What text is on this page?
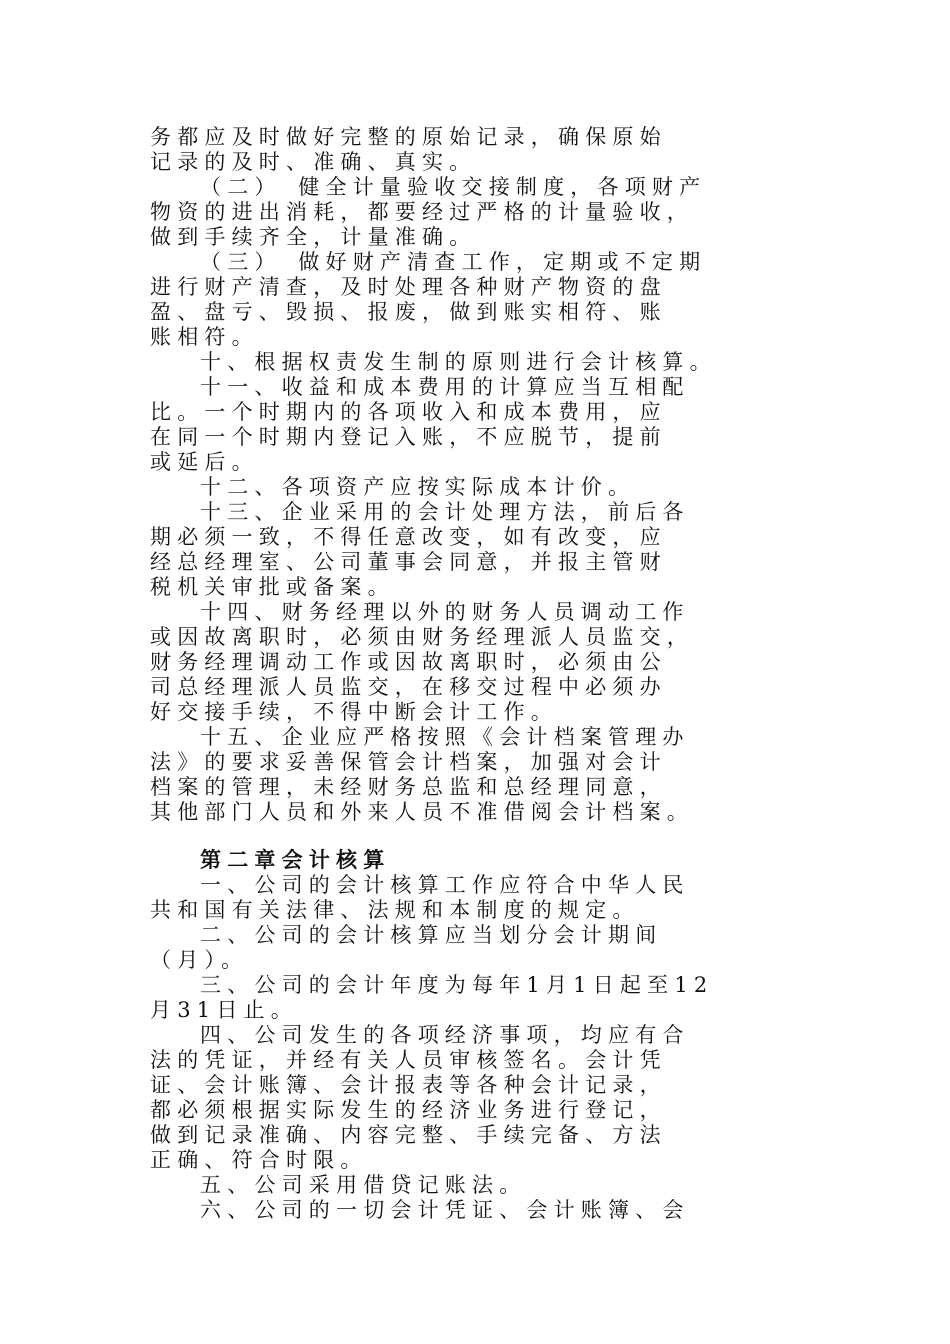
务都应及时做好完整的原始记录，确保原始
记录的及时、准确、真实。
（二）　健全计量验收交接制度，各项财产
物资的进出消耗，都要经过严格的计量验收，
做到手续齐全，计量准确。
（三）　做好财产清查工作，定期或不定期
进行财产清查，及时处理各种财产物资的盘
盈、盘亏、毁损、报废，做到账实相符、账
账相符。
十、根据权责发生制的原则进行会计核算。
十一、收益和成本费用的计算应当互相配
比。一个时期内的各项收入和成本费用，应
在同一个时期内登记入账，不应脱节，提前
或延后。
十二、各项资产应按实际成本计价。
十三、企业采用的会计处理方法，前后各
期必须一致，不得任意改变，如有改变，应
经总经理室、公司董事会同意，并报主管财
税机关审批或备案。
十四、财务经理以外的财务人员调动工作
或因故离职时，必须由财务经理派人员监交，
财务经理调动工作或因故离职时，必须由公
司总经理派人员监交，在移交过程中必须办
好交接手续，不得中断会计工作。
十五、企业应严格按照《会计档案管理办
法》的要求妥善保管会计档案，加强对会计
档案的管理，未经财务总监和总经理同意，
其他部门人员和外来人员不准借阅会计档案。
第二章会计核算
一、公司的会计核算工作应符合中华人民
共和国有关法律、法规和本制度的规定。
二、公司的会计核算应当划分会计期间
（月）。
三、公司的会计年度为每年1月1日起至12
月31日止。
四、公司发生的各项经济事项，均应有合
法的凭证，并经有关人员审核签名。会计凭
证、会计账簿、会计报表等各种会计记录，
都必须根据实际发生的经济业务进行登记，
做到记录准确、内容完整、手续完备、方法
正确、符合时限。
五、公司采用借贷记账法。
六、公司的一切会计凭证、会计账簿、会
